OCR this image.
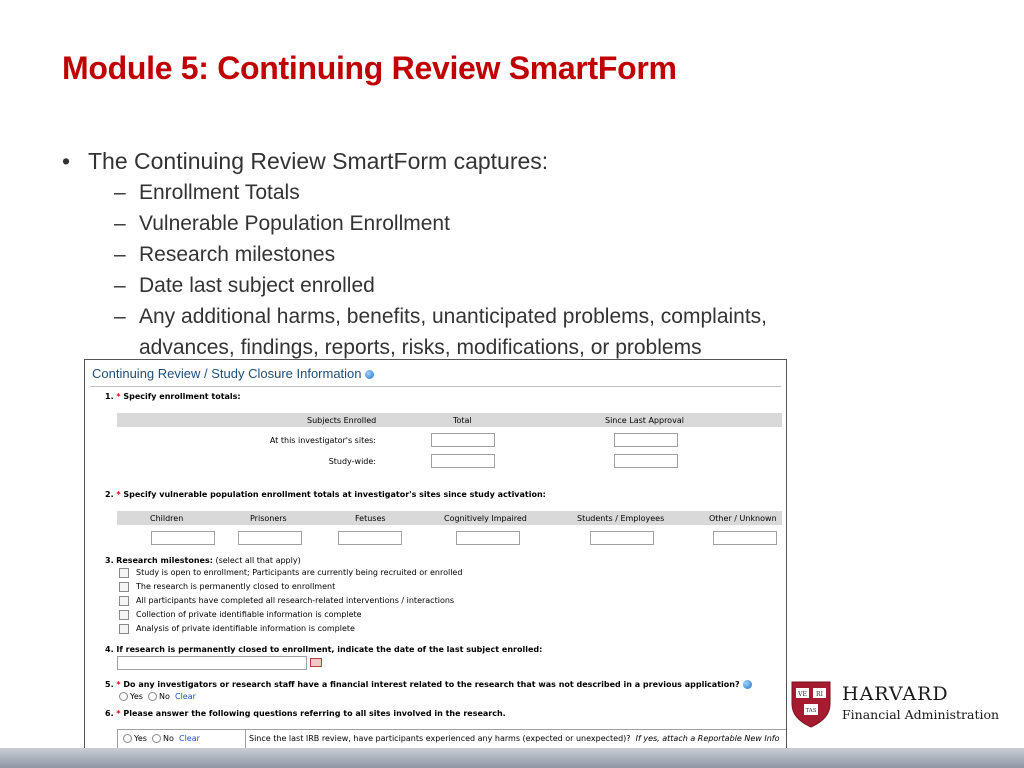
Module 5: Continuing Review SmartForm
• The Continuing Review SmartForm captures:
– Enrollment Totals
– Vulnerable Population Enrollment
– Research milestones
– Date last subject enrolled
– Any additional harms, benefits, unanticipated problems, complaints,
advances, findings, reports, risks, modifications, or problems
Continuing Review / Study Closure Information
1. * Specify enrollment totals:
Subjects Enrolled	Total	Since Last Approval
At this investigator's sites:
Study-wide:
2. * Specify vulnerable population enrollment totals at investigator's sites since study activation:
Children	Prisoners	Fetuses	Cognitively Impaired	Students / Employees	Other / Unknown
3. Research milestones: (select all that apply)
Study is open to enrollment; Participants are currently being recruited or enrolled
The research is permanently closed to enrollment
All participants have completed all research-related interventions / interactions
Collection of private identifiable information is complete
Analysis of private identifiable information is complete
4. If research is permanently closed to enrollment, indicate the date of the last subject enrolled:
5. * Do any investigators or research staff have a financial interest related to the research that was not described in a previous application?
Yes No Clear
6. * Please answer the following questions referring to all sites involved in the research.
Yes No Clear	Since the last IRB review, have participants experienced any harms (expected or unexpected)? If yes, attach a Reportable New Info
VE RI
TAS
HARVARD
Financial Administration
